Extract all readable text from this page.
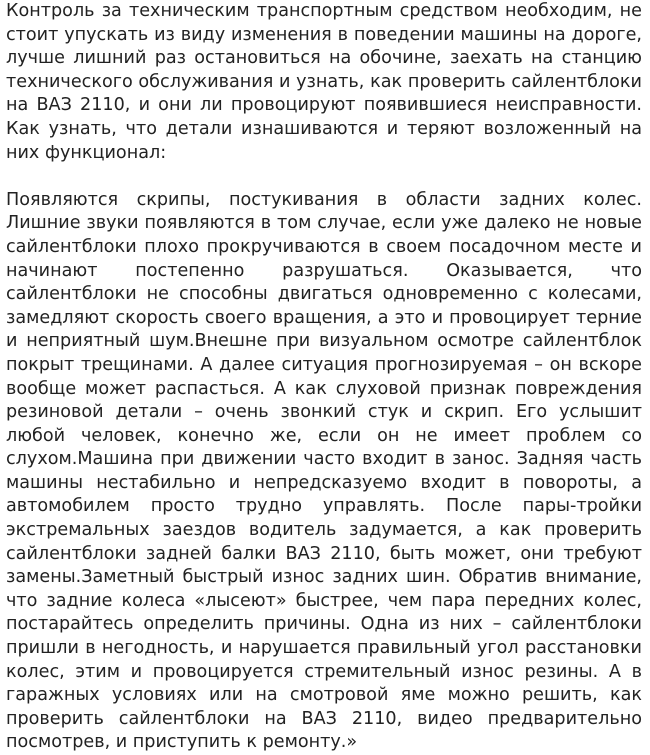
Контроль за техническим транспортным средством необходим, не стоит упускать из виду изменения в поведении машины на дороге, лучше лишний раз остановиться на обочине, заехать на станцию технического обслуживания и узнать, как проверить сайлентблоки на ВАЗ 2110, и они ли провоцируют появившиеся неисправности. Как узнать, что детали изнашиваются и теряют возложенный на них функционал:

Появляются скрипы, постукивания в области задних колес. Лишние звуки появляются в том случае, если уже далеко не новые сайлентблоки плохо прокручиваются в своем посадочном месте и начинают постепенно разрушаться. Оказывается, что сайлентблоки не способны двигаться одновременно с колесами, замедляют скорость своего вращения, а это и провоцирует терние и неприятный шум.Внешне при визуальном осмотре сайлентблок покрыт трещинами. А далее ситуация прогнозируемая – он вскоре вообще может распасться. А как слуховой признак повреждения резиновой детали – очень звонкий стук и скрип. Его услышит любой человек, конечно же, если он не имеет проблем со слухом.Машина при движении часто входит в занос. Задняя часть машины нестабильно и непредсказуемо входит в повороты, а автомобилем просто трудно управлять. После пары-тройки экстремальных заездов водитель задумается, а как проверить сайлентблоки задней балки ВАЗ 2110, быть может, они требуют замены.Заметный быстрый износ задних шин. Обратив внимание, что задние колеса «лысеют» быстрее, чем пара передних колес, постарайтесь определить причины. Одна из них – сайлентблоки пришли в негодность, и нарушается правильный угол расстановки колес, этим и провоцируется стремительный износ резины. А в гаражных условиях или на смотровой яме можно решить, как проверить сайлентблоки на ВАЗ 2110, видео предварительно посмотрев, и приступить к ремонту.»
